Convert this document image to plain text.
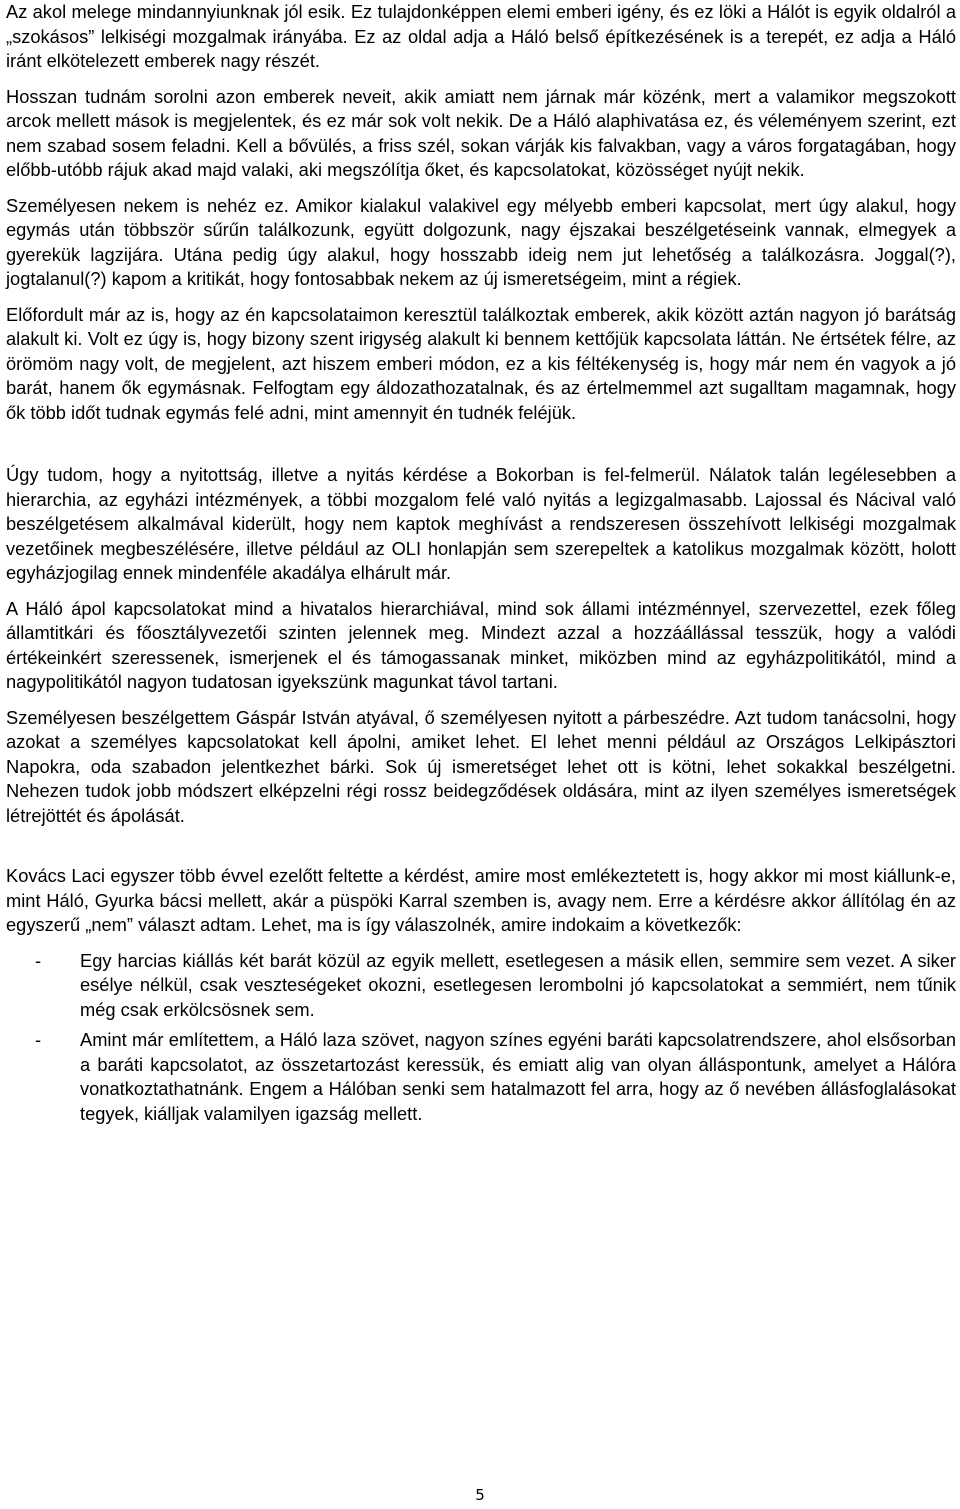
Az akol melege mindannyiunknak jól esik. Ez tulajdonképpen elemi emberi igény, és ez löki a Hálót is egyik oldalról a „szokásos” lelkiségi mozgalmak irányába. Ez az oldal adja a Háló belső építkezésének is a terepét, ez adja a Háló iránt elkötelezett emberek nagy részét.

Hosszan tudnám sorolni azon emberek neveit, akik amiatt nem járnak már közénk, mert a valamikor megszokott arcok mellett mások is megjelentek, és ez már sok volt nekik. De a Háló alaphivatása ez, és véleményem szerint, ezt nem szabad sosem feladni. Kell a bővülés, a friss szél, sokan várják kis falvakban, vagy a város forgatagában, hogy előbb-utóbb rájuk akad majd valaki, aki megszólítja őket, és kapcsolatokat, közösséget nyújt nekik.

Személyesen nekem is nehéz ez. Amikor kialakul valakivel egy mélyebb emberi kapcsolat, mert úgy alakul, hogy egymás után többször sűrűn találkozunk, együtt dolgozunk, nagy éjszakai beszélgetéseink vannak, elmegyek a gyerekük lagzijára. Utána pedig úgy alakul, hogy hosszabb ideig nem jut lehetőség a találkozásra. Joggal(?), jogtalanul(?) kapom a kritikát, hogy fontosabbak nekem az új ismeretségeim, mint a régiek.

Előfordult már az is, hogy az én kapcsolataimon keresztül találkoztak emberek, akik között aztán nagyon jó barátság alakult ki. Volt ez úgy is, hogy bizony szent irigység alakult ki bennem kettőjük kapcsolata láttán. Ne értsétek félre, az örömöm nagy volt, de megjelent, azt hiszem emberi módon, ez a kis féltékenység is, hogy már nem én vagyok a jó barát, hanem ők egymásnak. Felfogtam egy áldozathozatalnak, és az értelmemmel azt sugalltam magamnak, hogy ők több időt tudnak egymás felé adni, mint amennyit én tudnék feléjük.

Úgy tudom, hogy a nyitottság, illetve a nyitás kérdése a Bokorban is fel-felmerül. Nálatok talán legélesebben a hierarchia, az egyházi intézmények, a többi mozgalom felé való nyitás a legizgalmasabb. Lajossal és Nácival való beszélgetésem alkalmával kiderült, hogy nem kaptok meghívást a rendszeresen összehívott lelkiségi mozgalmak vezetőinek megbeszélésére, illetve például az OLI honlapján sem szerepeltek a katolikus mozgalmak között, holott egyházjogilag ennek mindenféle akadálya elhárult már.

A Háló ápol kapcsolatokat mind a hivatalos hierarchiával, mind sok állami intézménnyel, szervezettel, ezek főleg államtitkári és főosztályvezetői szinten jelennek meg. Mindezt azzal a hozzáállással tesszük, hogy a valódi értékeinkért szeressenek, ismerjenek el és támogassanak minket, miközben mind az egyházpolitikától, mind a nagypolitikától nagyon tudatosan igyekszünk magunkat távol tartani.

Személyesen beszélgettem Gáspár István atyával, ő személyesen nyitott a párbeszédre. Azt tudom tanácsolni, hogy azokat a személyes kapcsolatokat kell ápolni, amiket lehet. El lehet menni például az Országos Lelkipásztori Napokra, oda szabadon jelentkezhet bárki. Sok új ismeretséget lehet ott is kötni, lehet sokakkal beszélgetni. Nehezen tudok jobb módszert elképzelni régi rossz beidegződések oldására, mint az ilyen személyes ismeretségek létrejöttét és ápolását.

Kovács Laci egyszer több évvel ezelőtt feltette a kérdést, amire most emlékeztetett is, hogy akkor mi most kiállunk-e, mint Háló, Gyurka bácsi mellett, akár a püspöki Karral szemben is, avagy nem. Erre a kérdésre akkor állítólag én az egyszerű „nem” választ adtam. Lehet, ma is így válaszolnék, amire indokaim a következők:

-	Egy harcias kiállás két barát közül az egyik mellett, esetlegesen a másik ellen, semmire sem vezet. A siker esélye nélkül, csak veszteségeket okozni, esetlegesen lerombolni jó kapcsolatokat a semmiért, nem tűnik még csak erkölcsösnek sem.
-	Amint már említettem, a Háló laza szövet, nagyon színes egyéni baráti kapcsolatrendszere, ahol elsősorban a baráti kapcsolatot, az összetartozást keressük, és emiatt alig van olyan álláspontunk, amelyet a Hálóra vonatkoztathatnánk. Engem a Hálóban senki sem hatalmazott fel arra, hogy az ő nevében állásfoglalásokat tegyek, kiálljak valamilyen igazság mellett.
5
